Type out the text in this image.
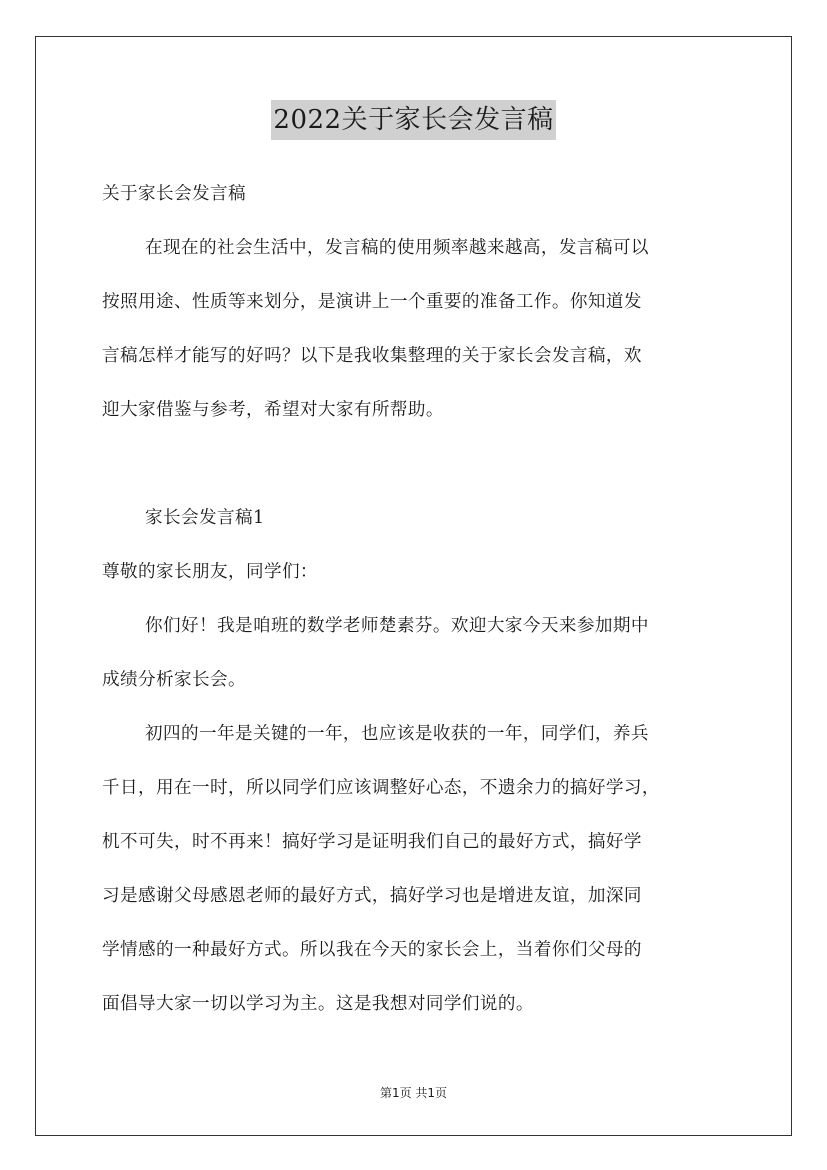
2022关于家长会发言稿
关于家长会发言稿
在现在的社会生活中，发言稿的使用频率越来越高，发言稿可以
按照用途、性质等来划分，是演讲上一个重要的准备工作。你知道发
言稿怎样才能写的好吗？以下是我收集整理的关于家长会发言稿，欢
迎大家借鉴与参考，希望对大家有所帮助。
家长会发言稿1
尊敬的家长朋友，同学们：
你们好！我是咱班的数学老师楚素芬。欢迎大家今天来参加期中
成绩分析家长会。
初四的一年是关键的一年，也应该是收获的一年，同学们，养兵
千日，用在一时，所以同学们应该调整好心态，不遗余力的搞好学习，
机不可失，时不再来！搞好学习是证明我们自己的最好方式，搞好学
习是感谢父母感恩老师的最好方式，搞好学习也是增进友谊，加深同
学情感的一种最好方式。所以我在今天的家长会上，当着你们父母的
面倡导大家一切以学习为主。这是我想对同学们说的。
第1页 共1页
